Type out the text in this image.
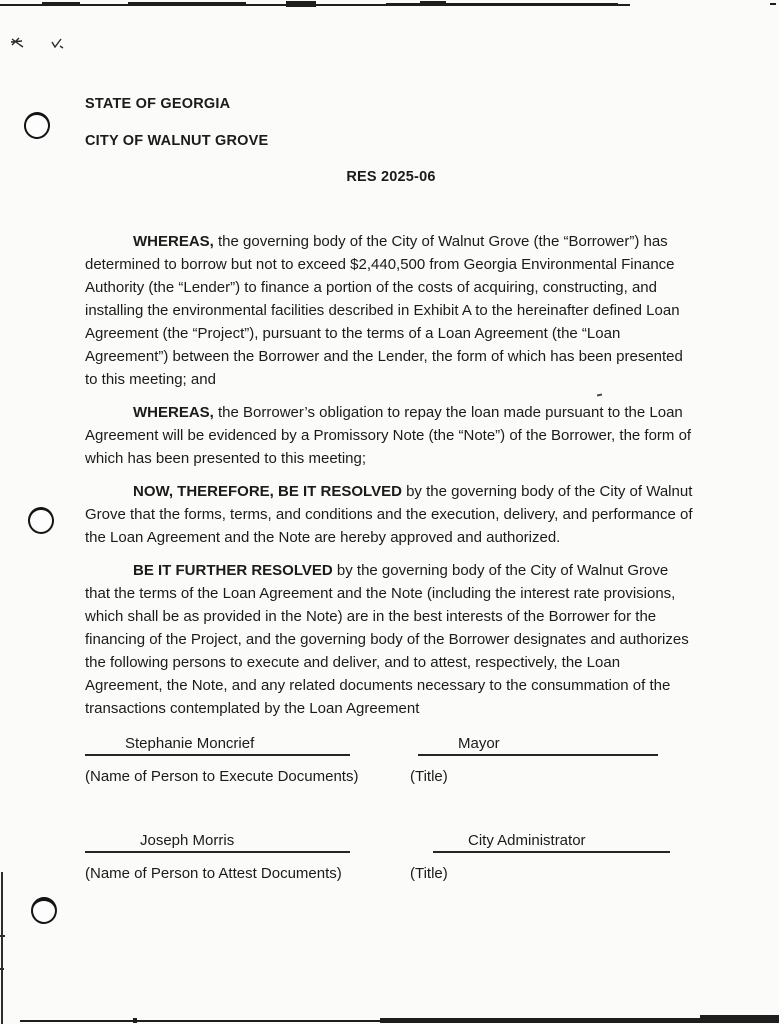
STATE OF GEORGIA
CITY OF WALNUT GROVE
RES 2025-06

WHEREAS, the governing body of the City of Walnut Grove (the “Borrower”) has determined to borrow but not to exceed $2,440,500 from Georgia Environmental Finance Authority (the “Lender”) to finance a portion of the costs of acquiring, constructing, and installing the environmental facilities described in Exhibit A to the hereinafter defined Loan Agreement (the “Project”), pursuant to the terms of a Loan Agreement (the “Loan Agreement”) between the Borrower and the Lender, the form of which has been presented to this meeting; and

WHEREAS, the Borrower’s obligation to repay the loan made pursuant to the Loan Agreement will be evidenced by a Promissory Note (the “Note”) of the Borrower, the form of which has been presented to this meeting;

NOW, THEREFORE, BE IT RESOLVED by the governing body of the City of Walnut Grove that the forms, terms, and conditions and the execution, delivery, and performance of the Loan Agreement and the Note are hereby approved and authorized.

BE IT FURTHER RESOLVED by the governing body of the City of Walnut Grove that the terms of the Loan Agreement and the Note (including the interest rate provisions, which shall be as provided in the Note) are in the best interests of the Borrower for the financing of the Project, and the governing body of the Borrower designates and authorizes the following persons to execute and deliver, and to attest, respectively, the Loan Agreement, the Note, and any related documents necessary to the consummation of the transactions contemplated by the Loan Agreement

Stephanie Moncrief	Mayor
(Name of Person to Execute Documents)	(Title)
Joseph Morris	City Administrator
(Name of Person to Attest Documents)	(Title)
